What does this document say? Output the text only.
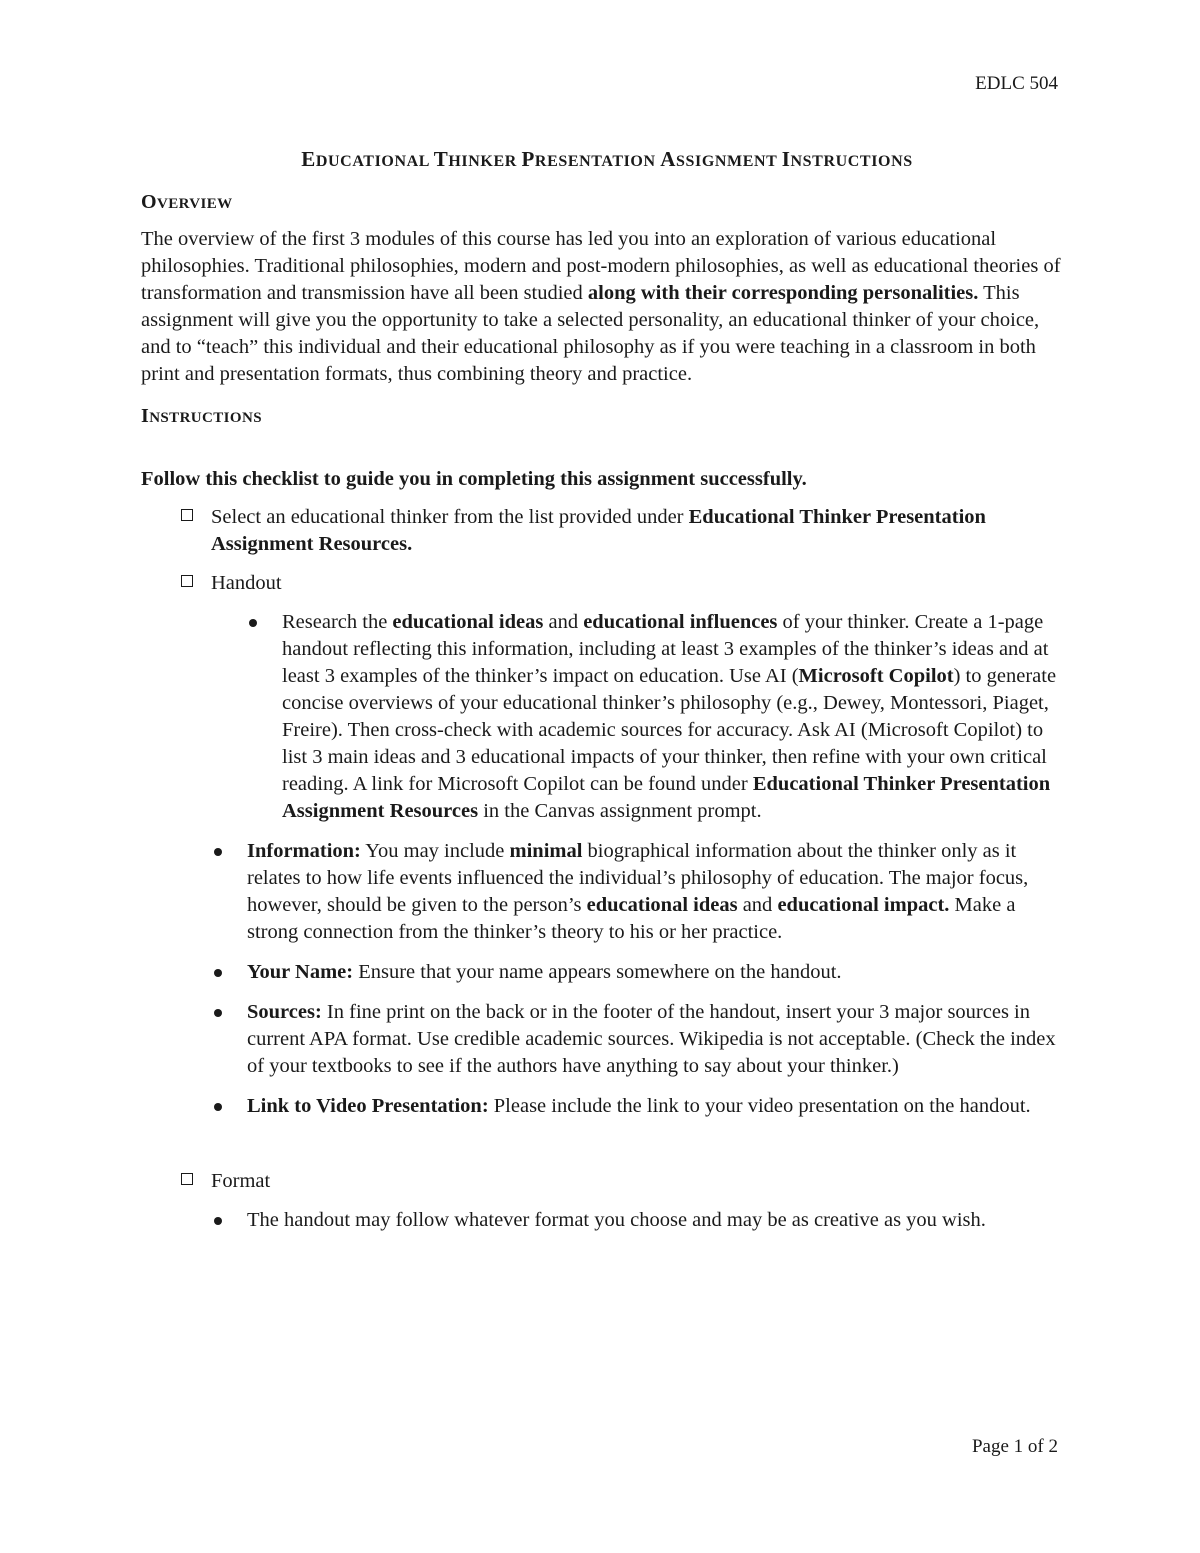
EDLC 504
EDUCATIONAL THINKER PRESENTATION ASSIGNMENT INSTRUCTIONS
OVERVIEW

The overview of the first 3 modules of this course has led you into an exploration of various educational philosophies. Traditional philosophies, modern and post-modern philosophies, as well as educational theories of transformation and transmission have all been studied along with their corresponding personalities. This assignment will give you the opportunity to take a selected personality, an educational thinker of your choice, and to “teach” this individual and their educational philosophy as if you were teaching in a classroom in both print and presentation formats, thus combining theory and practice.

INSTRUCTIONS
Follow this checklist to guide you in completing this assignment successfully.
Select an educational thinker from the list provided under Educational Thinker Presentation Assignment Resources.
Handout
Research the educational ideas and educational influences of your thinker. Create a 1-page handout reflecting this information, including at least 3 examples of the thinker’s ideas and at least 3 examples of the thinker’s impact on education. Use AI (Microsoft Copilot) to generate concise overviews of your educational thinker’s philosophy (e.g., Dewey, Montessori, Piaget, Freire). Then cross-check with academic sources for accuracy. Ask AI (Microsoft Copilot) to list 3 main ideas and 3 educational impacts of your thinker, then refine with your own critical reading. A link for Microsoft Copilot can be found under Educational Thinker Presentation Assignment Resources in the Canvas assignment prompt.
Information: You may include minimal biographical information about the thinker only as it relates to how life events influenced the individual’s philosophy of education. The major focus, however, should be given to the person’s educational ideas and educational impact. Make a strong connection from the thinker’s theory to his or her practice.
Your Name: Ensure that your name appears somewhere on the handout.
Sources: In fine print on the back or in the footer of the handout, insert your 3 major sources in current APA format. Use credible academic sources. Wikipedia is not acceptable. (Check the index of your textbooks to see if the authors have anything to say about your thinker.)
Link to Video Presentation: Please include the link to your video presentation on the handout.
Format
The handout may follow whatever format you choose and may be as creative as you wish.
Page 1 of 2
